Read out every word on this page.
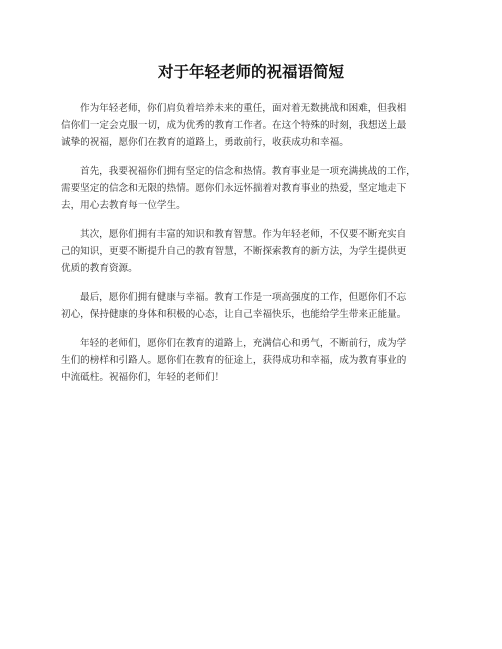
对于年轻老师的祝福语简短

作为年轻老师，你们肩负着培养未来的重任，面对着无数挑战和困难，但我相
信你们一定会克服一切，成为优秀的教育工作者。在这个特殊的时刻，我想送上最
诚挚的祝福，愿你们在教育的道路上，勇敢前行，收获成功和幸福。

首先，我要祝福你们拥有坚定的信念和热情。教育事业是一项充满挑战的工作，
需要坚定的信念和无限的热情。愿你们永远怀揣着对教育事业的热爱，坚定地走下
去，用心去教育每一位学生。

其次，愿你们拥有丰富的知识和教育智慧。作为年轻老师，不仅要不断充实自
己的知识，更要不断提升自己的教育智慧，不断探索教育的新方法，为学生提供更
优质的教育资源。

最后，愿你们拥有健康与幸福。教育工作是一项高强度的工作，但愿你们不忘
初心，保持健康的身体和积极的心态，让自己幸福快乐，也能给学生带来正能量。

年轻的老师们，愿你们在教育的道路上，充满信心和勇气，不断前行，成为学
生们的榜样和引路人。愿你们在教育的征途上，获得成功和幸福，成为教育事业的
中流砥柱。祝福你们，年轻的老师们！
